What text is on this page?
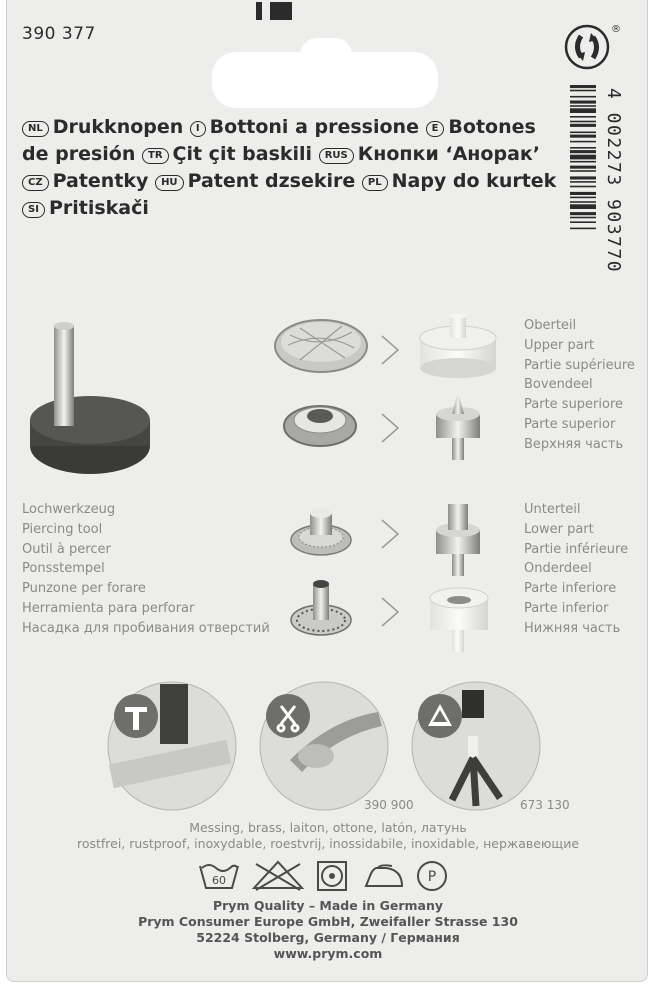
390 377	®
4 002273 903770
NL Drukknopen I Bottoni a pressione E Botones de presión TR Çit çit baskili RUS Кнопки ‘Анорак’
CZ Patentky HU Patent dzsekire PL Napy do kurtek
SI Pritiskači
Oberteil
Upper part
Partie supérieure
Bovendeel
Parte superiore
Parte superior
Верхняя часть
Unterteil
Lower part
Partie inférieure
Onderdeel
Parte inferiore
Parte inferior
Нижняя часть
Lochwerkzeug
Piercing tool
Outil à percer
Ponsstempel
Punzone per forare
Herramienta para perforar
Насадка для пробивания отверстий
390 900	673 130
Messing, brass, laiton, ottone, latón, латунь
rostfrei, rustproof, inoxydable, roestvrij, inossidabile, inoxidable, нержавеющие
60	P
Prym Quality – Made in Germany
Prym Consumer Europe GmbH, Zweifaller Strasse 130
52224 Stolberg, Germany / Германия
www.prym.com
